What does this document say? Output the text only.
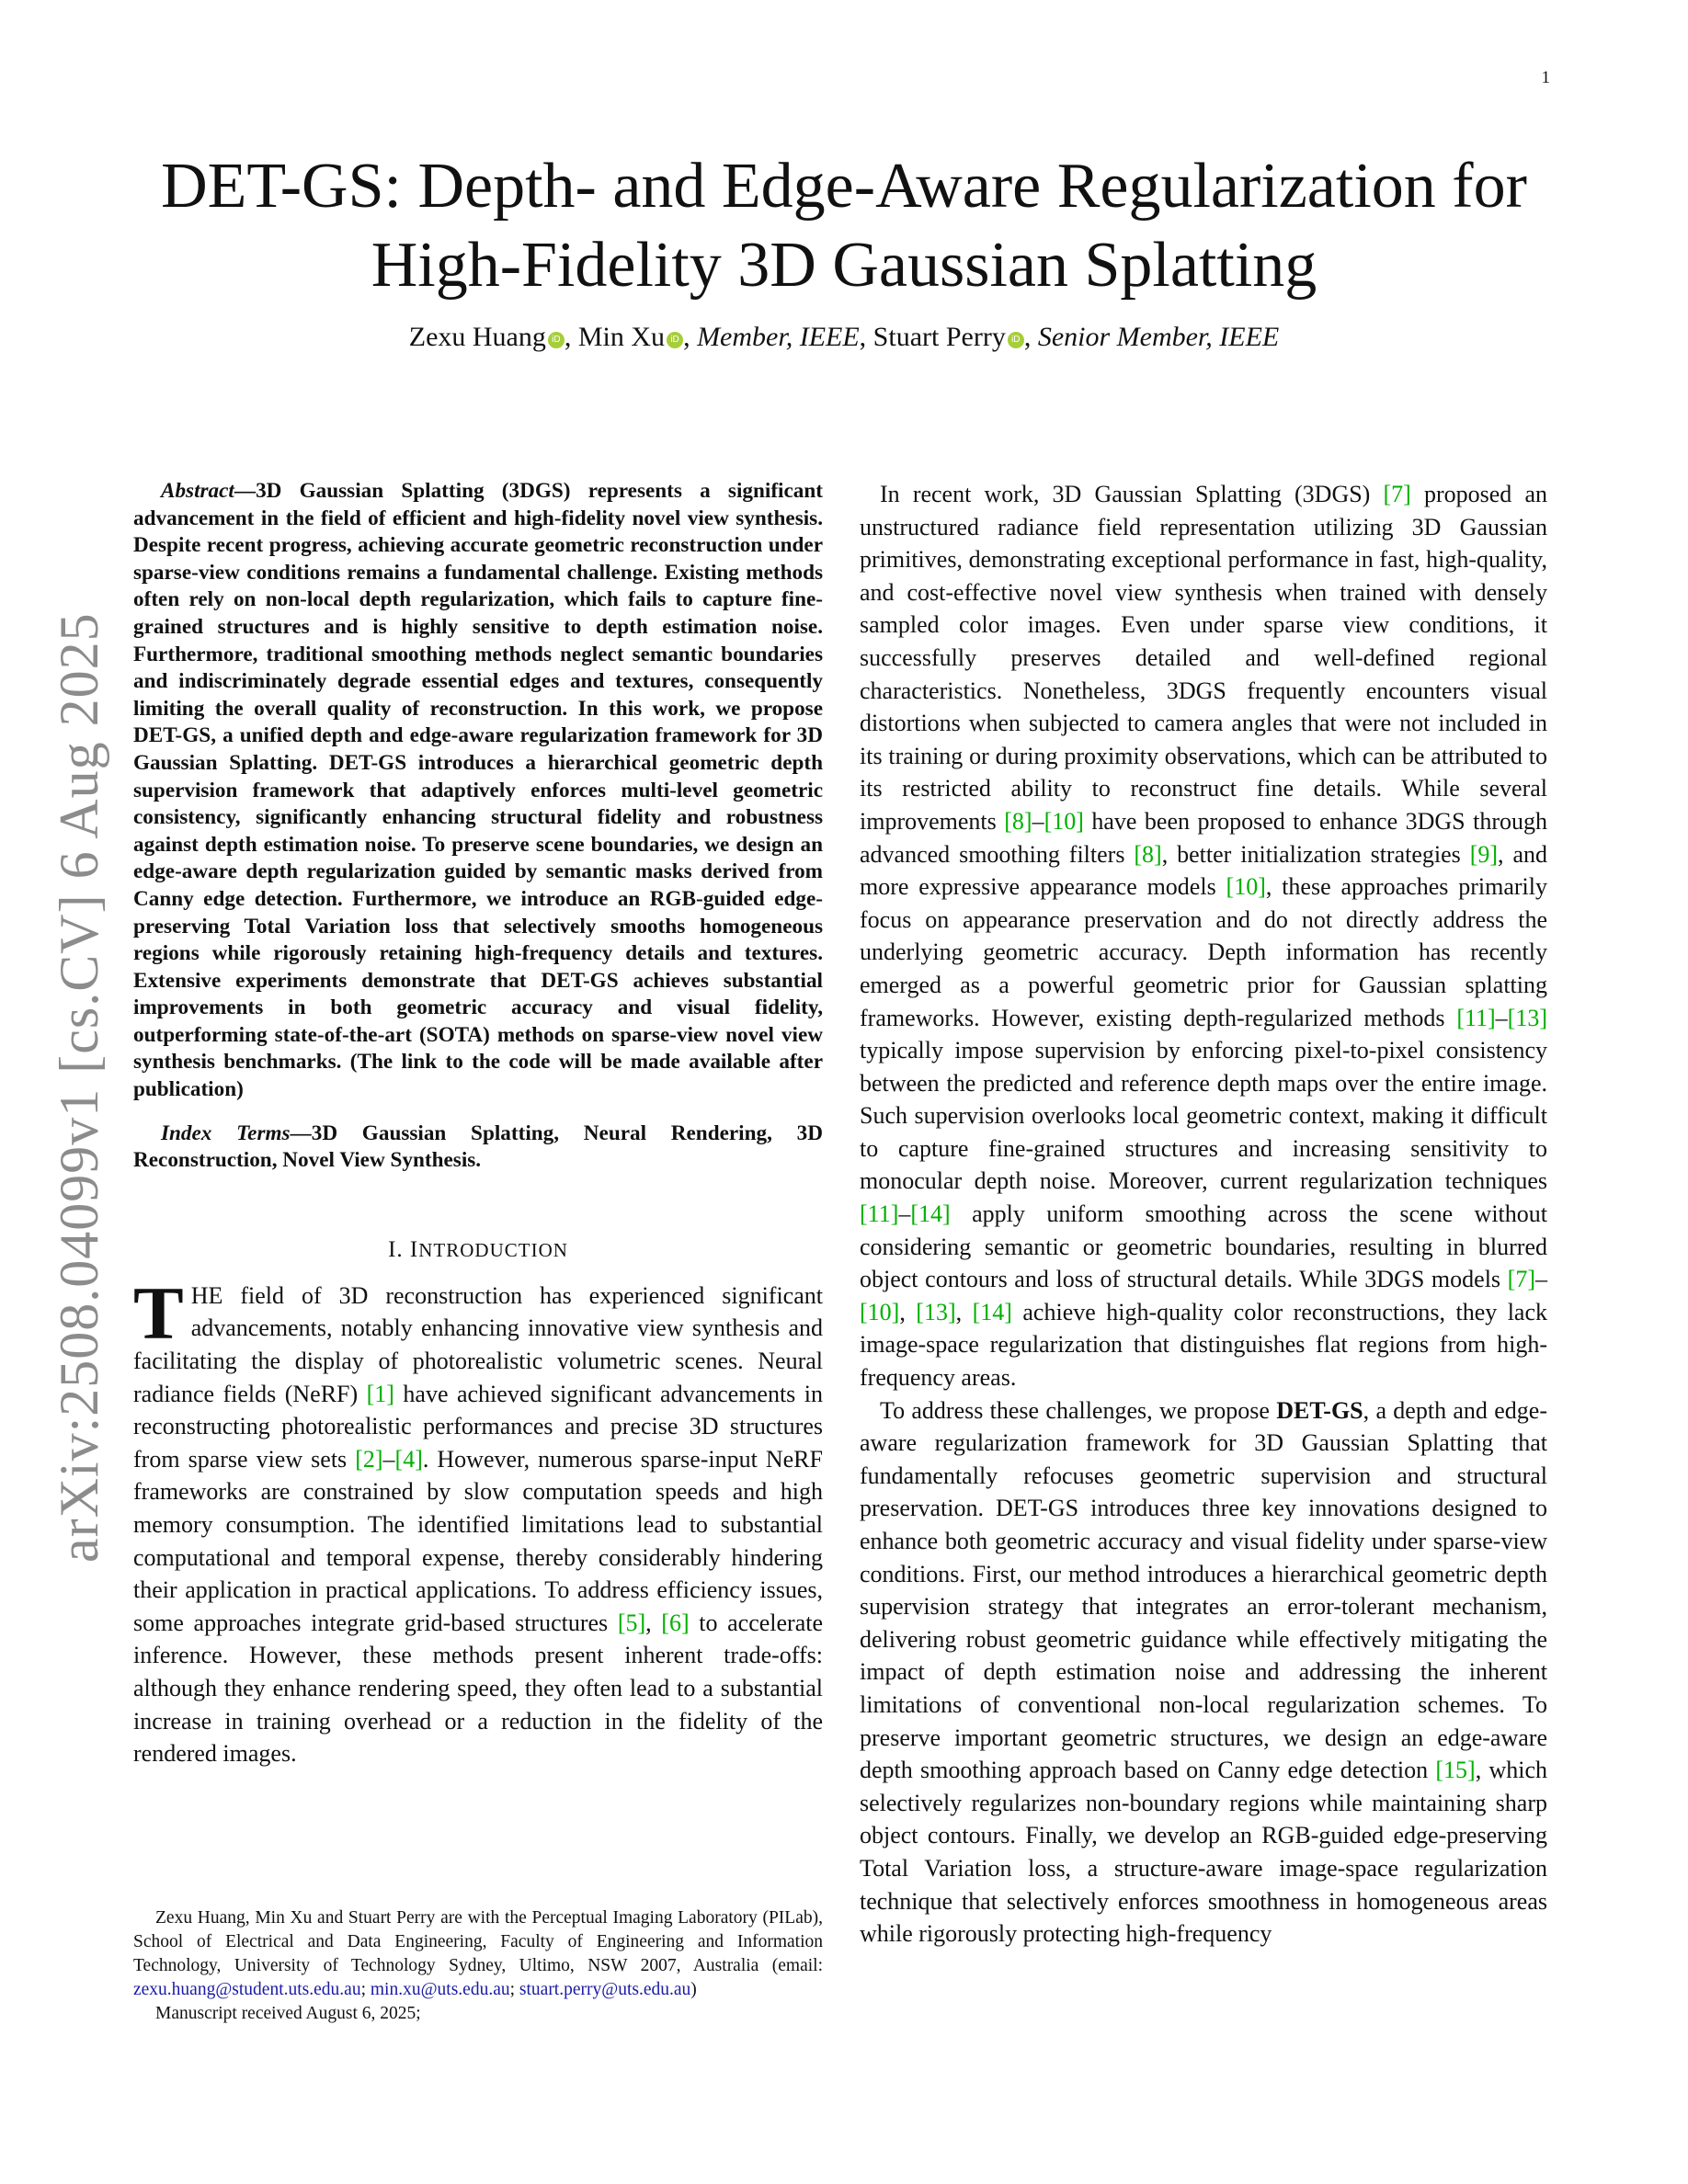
1
arXiv:2508.04099v1 [cs.CV] 6 Aug 2025
DET-GS: Depth- and Edge-Aware Regularization for
High-Fidelity 3D Gaussian Splatting
Zexu Huang iD , Min Xu iD , Member, IEEE, Stuart Perry iD , Senior Member, IEEE

Abstract—3D Gaussian Splatting (3DGS) represents a significant advancement in the field of efficient and high-fidelity novel view synthesis. Despite recent progress, achieving accurate geometric reconstruction under sparse-view conditions remains a fundamental challenge. Existing methods often rely on non-local depth regularization, which fails to capture fine-grained structures and is highly sensitive to depth estimation noise. Furthermore, traditional smoothing methods neglect semantic boundaries and indiscriminately degrade essential edges and textures, consequently limiting the overall quality of reconstruction. In this work, we propose DET-GS, a unified depth and edge-aware regularization framework for 3D Gaussian Splatting. DET-GS introduces a hierarchical geometric depth supervision framework that adaptively enforces multi-level geometric consistency, significantly enhancing structural fidelity and robustness against depth estimation noise. To preserve scene boundaries, we design an edge-aware depth regularization guided by semantic masks derived from Canny edge detection. Furthermore, we introduce an RGB-guided edge-preserving Total Variation loss that selectively smooths homogeneous regions while rigorously retaining high-frequency details and textures. Extensive experiments demonstrate that DET-GS achieves substantial improvements in both geometric accuracy and visual fidelity, outperforming state-of-the-art (SOTA) methods on sparse-view novel view synthesis benchmarks. (The link to the code will be made available after publication)

Index Terms—3D Gaussian Splatting, Neural Rendering, 3D Reconstruction, Novel View Synthesis.

I. INTRODUCTION

THE field of 3D reconstruction has experienced significant advancements, notably enhancing innovative view synthesis and facilitating the display of photorealistic volumetric scenes. Neural radiance fields (NeRF) [1] have achieved significant advancements in reconstructing photorealistic performances and precise 3D structures from sparse view sets [2]–[4]. However, numerous sparse-input NeRF frameworks are constrained by slow computation speeds and high memory consumption. The identified limitations lead to substantial computational and temporal expense, thereby considerably hindering their application in practical applications. To address efficiency issues, some approaches integrate grid-based structures [5], [6] to accelerate inference. However, these methods present inherent trade-offs: although they enhance rendering speed, they often lead to a substantial increase in training overhead or a reduction in the fidelity of the rendered images.

Zexu Huang, Min Xu and Stuart Perry are with the Perceptual Imaging Laboratory (PILab), School of Electrical and Data Engineering, Faculty of Engineering and Information Technology, University of Technology Sydney, Ultimo, NSW 2007, Australia (email: zexu.huang@student.uts.edu.au; min.xu@uts.edu.au; stuart.perry@uts.edu.au)

Manuscript received August 6, 2025;

In recent work, 3D Gaussian Splatting (3DGS) [7] proposed an unstructured radiance field representation utilizing 3D Gaussian primitives, demonstrating exceptional performance in fast, high-quality, and cost-effective novel view synthesis when trained with densely sampled color images. Even under sparse view conditions, it successfully preserves detailed and well-defined regional characteristics. Nonetheless, 3DGS frequently encounters visual distortions when subjected to camera angles that were not included in its training or during proximity observations, which can be attributed to its restricted ability to reconstruct fine details. While several improvements [8]–[10] have been proposed to enhance 3DGS through advanced smoothing filters [8], better initialization strategies [9], and more expressive appearance models [10], these approaches primarily focus on appearance preservation and do not directly address the underlying geometric accuracy. Depth information has recently emerged as a powerful geometric prior for Gaussian splatting frameworks. However, existing depth-regularized methods [11]–[13] typically impose supervision by enforcing pixel-to-pixel consistency between the predicted and reference depth maps over the entire image. Such supervision overlooks local geometric context, making it difficult to capture fine-grained structures and increasing sensitivity to monocular depth noise. Moreover, current regularization techniques [11]–[14] apply uniform smoothing across the scene without considering semantic or geometric boundaries, resulting in blurred object contours and loss of structural details. While 3DGS models [7]–[10], [13], [14] achieve high-quality color reconstructions, they lack image-space regularization that distinguishes flat regions from high-frequency areas.

To address these challenges, we propose DET-GS, a depth and edge-aware regularization framework for 3D Gaussian Splatting that fundamentally refocuses geometric supervision and structural preservation. DET-GS introduces three key innovations designed to enhance both geometric accuracy and visual fidelity under sparse-view conditions. First, our method introduces a hierarchical geometric depth supervision strategy that integrates an error-tolerant mechanism, delivering robust geometric guidance while effectively mitigating the impact of depth estimation noise and addressing the inherent limitations of conventional non-local regularization schemes. To preserve important geometric structures, we design an edge-aware depth smoothing approach based on Canny edge detection [15], which selectively regularizes non-boundary regions while maintaining sharp object contours. Finally, we develop an RGB-guided edge-preserving Total Variation loss, a structure-aware image-space regularization technique that selectively enforces smoothness in homogeneous areas while rigorously protecting high-frequency
